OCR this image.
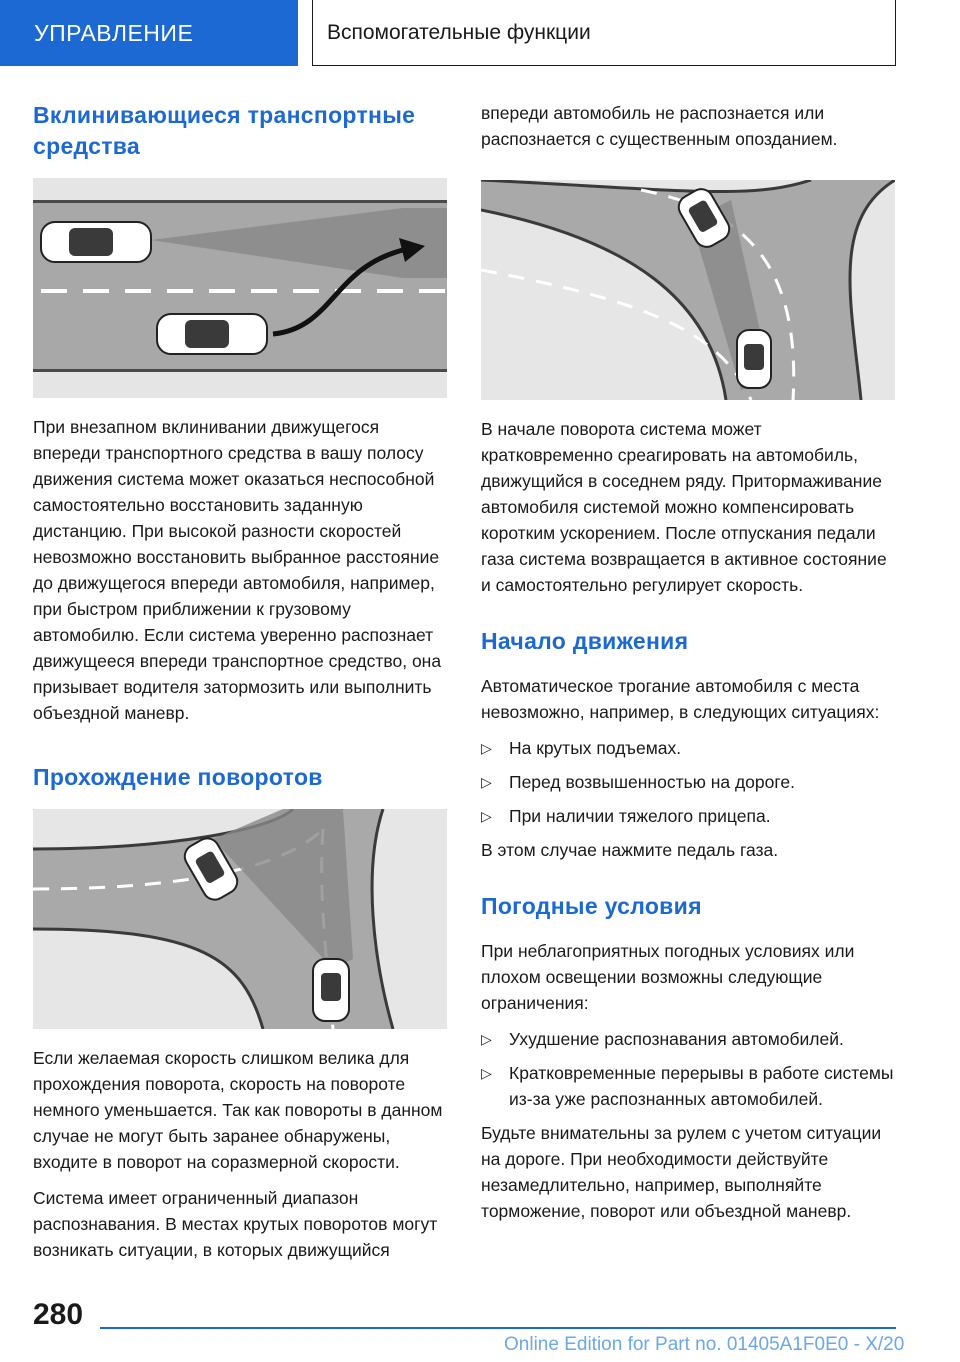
УПРАВЛЕНИЕ	Вспомогательные функции
Вклинивающиеся транспортные средства

При внезапном вклинивании движущегося впереди транспортного средства в вашу полосу движения система может оказаться неспособной самостоятельно восстановить заданную дистанцию. При высокой разности скоростей невозможно восстановить выбранное расстояние до движущегося впереди автомобиля, например, при быстром приближении к грузовому автомобилю. Если система уверенно распознает движущееся впереди транспортное средство, она призывает водителя затормозить или выполнить объездной маневр.

Прохождение поворотов

Если желаемая скорость слишком велика для прохождения поворота, скорость на повороте немного уменьшается. Так как повороты в данном случае не могут быть заранее обнаружены, входите в поворот на соразмерной скорости.

Система имеет ограниченный диапазон распознавания. В местах крутых поворотов могут возникать ситуации, в которых движущийся

впереди автомобиль не распознается или распознается с существенным опозданием.

В начале поворота система может кратковременно среагировать на автомобиль, движущийся в соседнем ряду. Притормаживание автомобиля системой можно компенсировать коротким ускорением. После отпускания педали газа система возвращается в активное состояние и самостоятельно регулирует скорость.

Начало движения

Автоматическое трогание автомобиля с места невозможно, например, в следующих ситуациях:

▷ На крутых подъемах.
▷ Перед возвышенностью на дороге.
▷ При наличии тяжелого прицепа.

В этом случае нажмите педаль газа.

Погодные условия

При неблагоприятных погодных условиях или плохом освещении возможны следующие ограничения:

▷ Ухудшение распознавания автомобилей.
▷ Кратковременные перерывы в работе системы из-за уже распознанных автомобилей.

Будьте внимательны за рулем с учетом ситуации на дороге. При необходимости действуйте незамедлительно, например, выполняйте торможение, поворот или объездной маневр.

280
Online Edition for Part no. 01405A1F0E0 - X/20
